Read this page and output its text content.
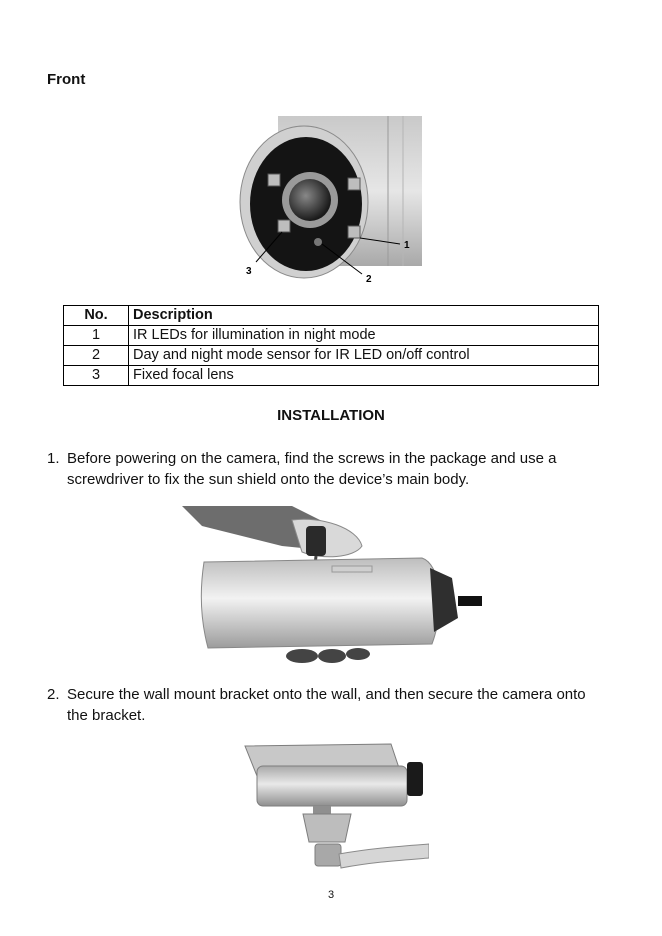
Front
1
2
3
No.	Description
1	IR LEDs for illumination in night mode
2	Day and night mode sensor for IR LED on/off control
3	Fixed focal lens
INSTALLATION
1. Before powering on the camera, find the screws in the package and use a screwdriver to fix the sun shield onto the device’s main body.
2. Secure the wall mount bracket onto the wall, and then secure the camera onto the bracket.
3
